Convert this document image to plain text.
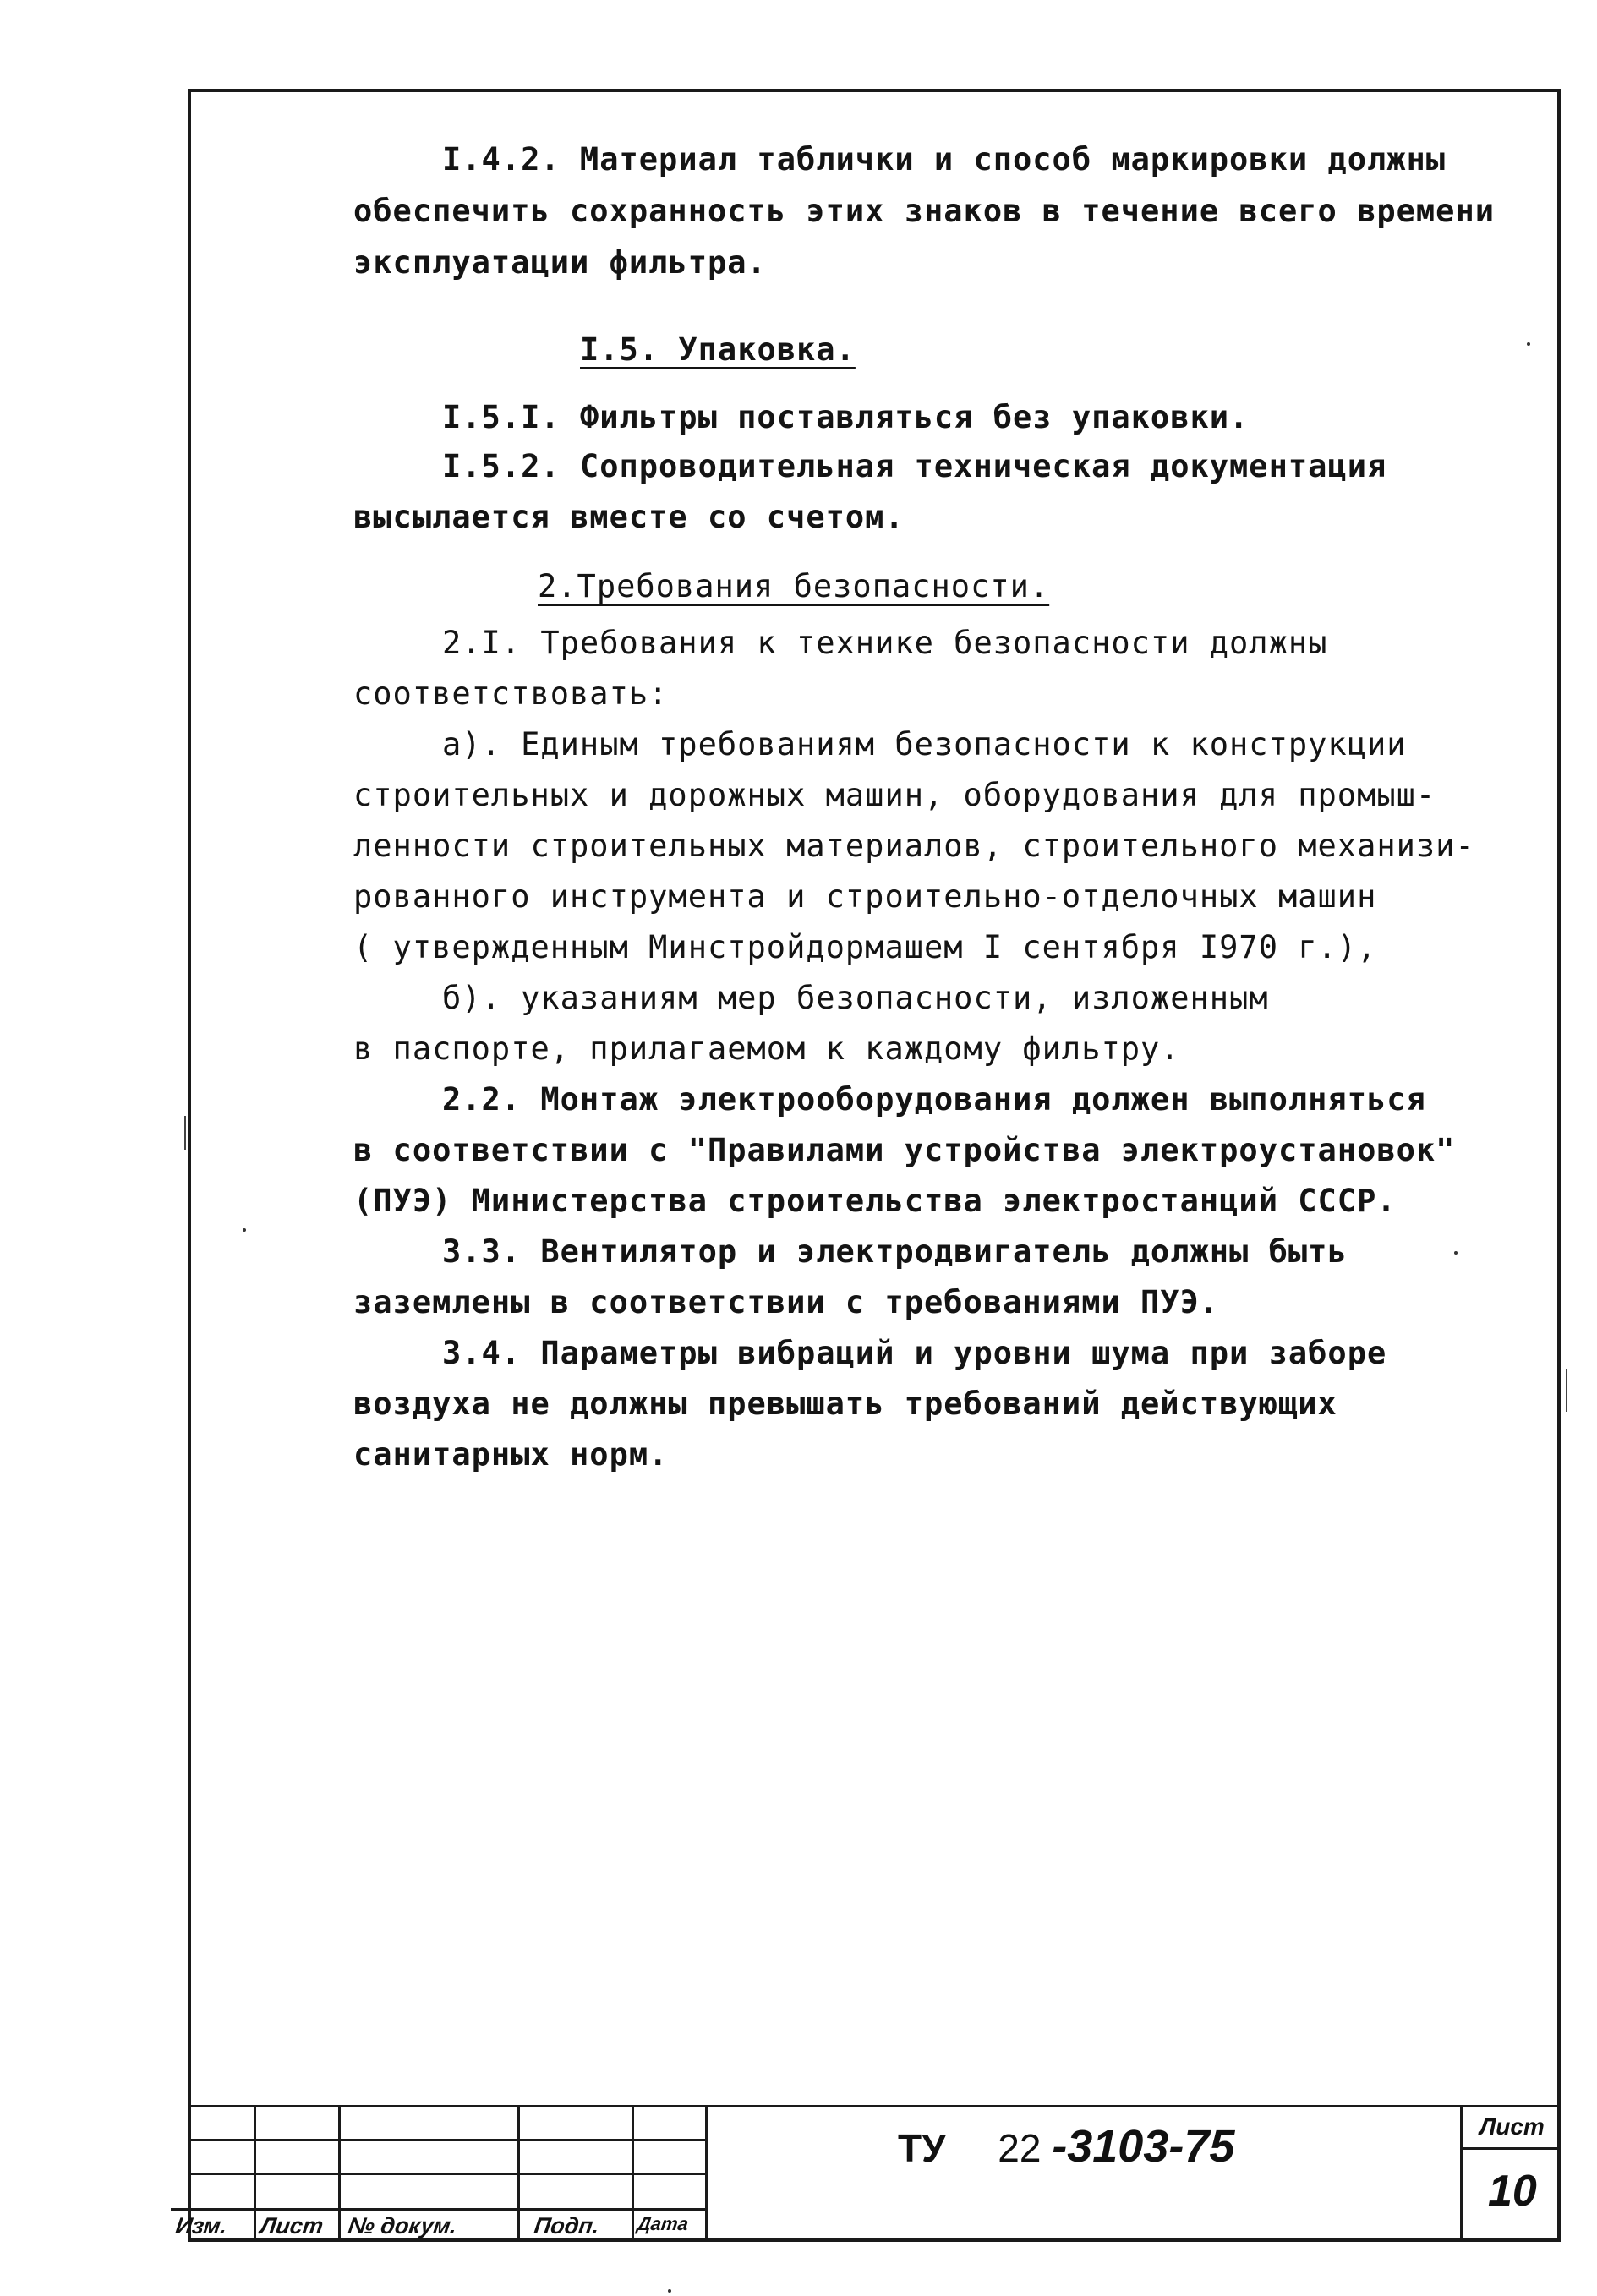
I.4.2. Материал таблички и способ маркировки должны
обеспечить сохранность этих знаков в течение всего времени
эксплуатации фильтра.
I.5. Упаковка.
I.5.I. Фильтры поставляться без упаковки.
I.5.2. Сопроводительная техническая документация
высылается вместе со счетом.
2.Требования безопасности.
2.I. Требования к технике безопасности должны
соответствовать:
а). Единым требованиям безопасности к конструкции
строительных и дорожных машин, оборудования для промыш-
ленности строительных материалов, строительного механизи-
рованного инструмента и строительно-отделочных машин
( утвержденным Минстройдормашем I сентября I970 г.),
б). указаниям мер безопасности, изложенным
в паспорте, прилагаемом к каждому фильтру.
2.2. Монтаж электрооборудования должен выполняться
в соответствии с "Правилами устройства электроустановок"
(ПУЭ) Министерства строительства электростанций СССР.
3.3. Вентилятор и электродвигатель должны быть
заземлены в соответствии с требованиями ПУЭ.
3.4. Параметры вибраций и уровни шума при заборе
воздуха не должны превышать требований действующих
санитарных норм.
Изм. Лист № докум.	Подп. Дата
ТУ 22 -3103-75	Лист
10
